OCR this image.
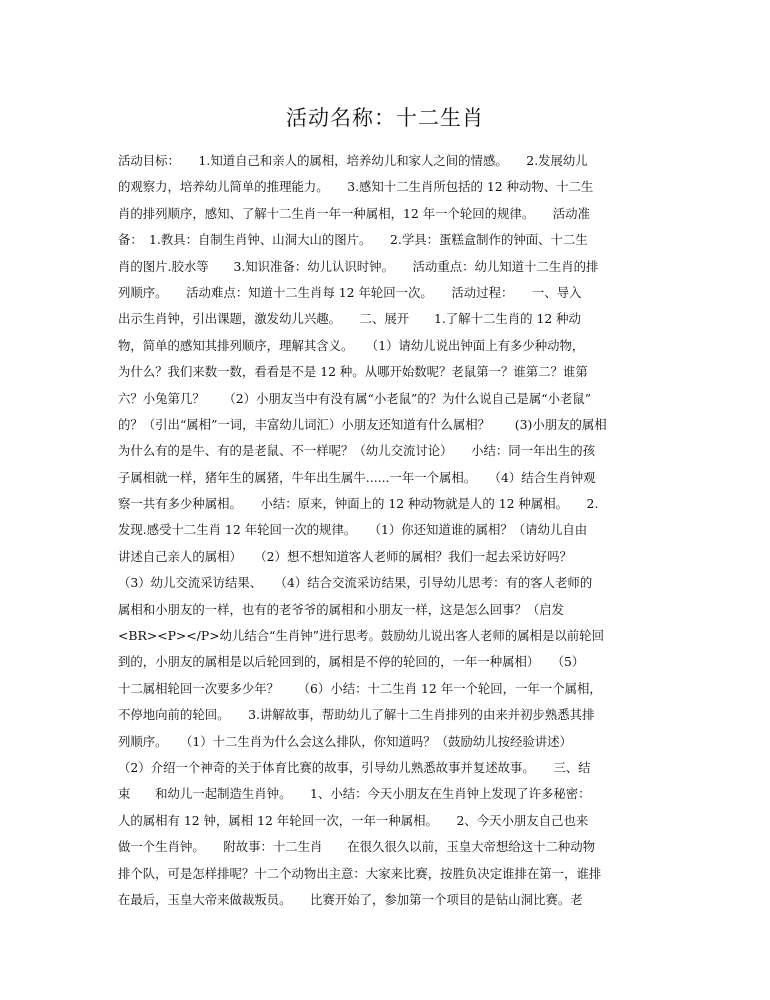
活动名称：十二生肖
活动目标：　　1.知道自己和亲人的属相，培养幼儿和家人之间的情感。　　2.发展幼儿
的观察力，培养幼儿简单的推理能力。　　3.感知十二生肖所包括的 12 种动物、十二生
肖的排列顺序，感知、了解十二生肖一年一种属相，12 年一个轮回的规律。　　活动准
备：　1.教具：自制生肖钟、山洞大山的图片。　　2.学具：蛋糕盒制作的钟面、十二生
肖的图片.胶水等　　3.知识准备：幼儿认识时钟。　　活动重点：幼儿知道十二生肖的排
列顺序。　　活动难点：知道十二生肖每 12 年轮回一次。　　活动过程：　　一、导入
出示生肖钟，引出课题，激发幼儿兴趣。　　二、展开　　1.了解十二生肖的 12 种动
物，简单的感知其排列顺序，理解其含义。　　（1）请幼儿说出钟面上有多少种动物，
为什么？我们来数一数，看看是不是 12 种。从哪开始数呢？老鼠第一？谁第二？谁第
六？小兔第几？　　（2）小朋友当中有没有属“小老鼠”的？为什么说自己是属“小老鼠”
的？（引出“属相”一词，丰富幼儿词汇）小朋友还知道有什么属相？　　(3)小朋友的属相
为什么有的是牛、有的是老鼠、不一样呢？（幼儿交流讨论）　　小结：同一年出生的孩
子属相就一样，猪年生的属猪，牛年出生属牛......一年一个属相。　　（4）结合生肖钟观
察一共有多少种属相。　　小结：原来，钟面上的 12 种动物就是人的 12 种属相。　　2.
发现.感受十二生肖 12 年轮回一次的规律。　　（1）你还知道谁的属相？（请幼儿自由
讲述自己亲人的属相）　　（2）想不想知道客人老师的属相？我们一起去采访好吗？
（3）幼儿交流采访结果、　　（4）结合交流采访结果，引导幼儿思考：有的客人老师的
属相和小朋友的一样，也有的老爷爷的属相和小朋友一样，这是怎么回事？（启发
<BR><P></P>幼儿结合“生肖钟”进行思考。鼓励幼儿说出客人老师的属相是以前轮回
到的，小朋友的属相是以后轮回到的，属相是不停的轮回的，一年一种属相）　　（5）
十二属相轮回一次要多少年？　　（6）小结：十二生肖 12 年一个轮回，一年一个属相，
不停地向前的轮回。　　3.讲解故事，帮助幼儿了解十二生肖排列的由来并初步熟悉其排
列顺序。　　（1）十二生肖为什么会这么排队，你知道吗？（鼓励幼儿按经验讲述）
（2）介绍一个神奇的关于体育比赛的故事，引导幼儿熟悉故事并复述故事。　　三、结
束　　和幼儿一起制造生肖钟。　　1、小结：今天小朋友在生肖钟上发现了许多秘密：
人的属相有 12 钟，属相 12 年轮回一次，一年一种属相。　　2、今天小朋友自己也来
做一个生肖钟。　　附故事：十二生肖　　在很久很久以前，玉皇大帝想给这十二种动物
排个队，可是怎样排呢？十二个动物出主意：大家来比赛，按胜负决定谁排在第一，谁排
在最后，玉皇大帝来做裁叛员。　　比赛开始了，参加第一个项目的是钻山洞比赛。老
